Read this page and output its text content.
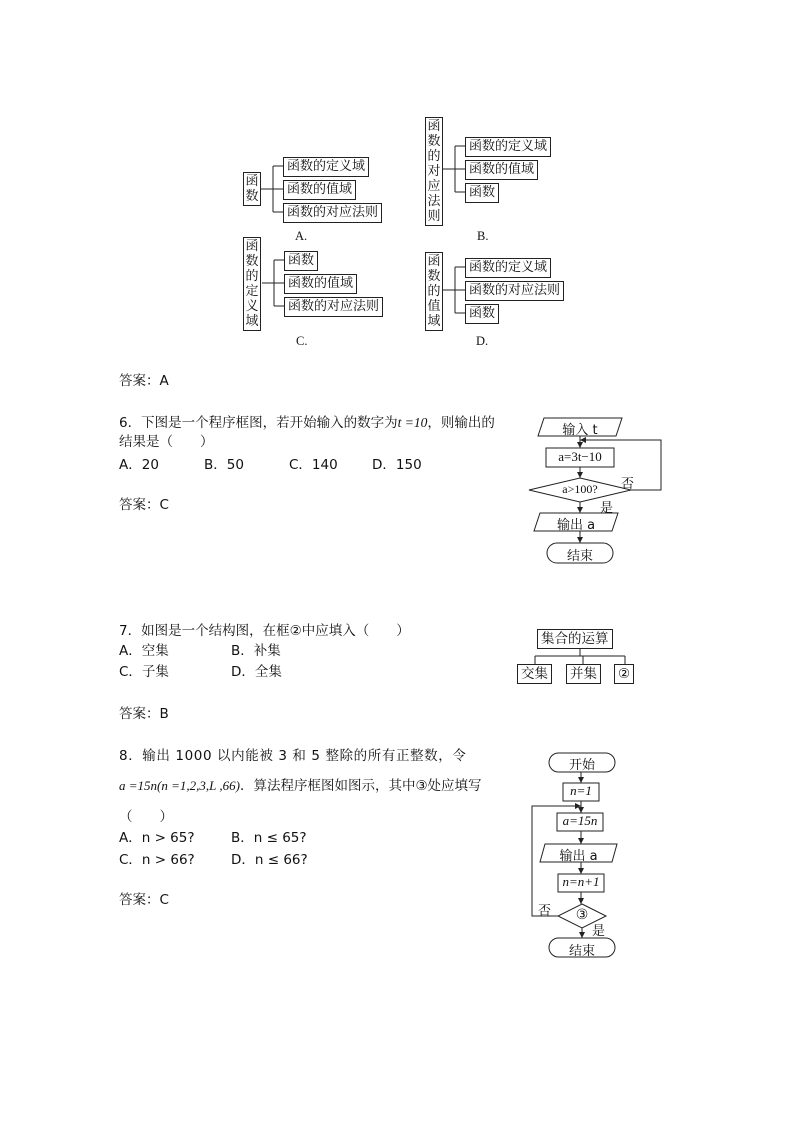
函
数
函数的定义域
函数的值域
函数的对应法则
A.
函
数
的
对
应
法
则
函数的定义域
函数的值域
函数
B.
函
数
的
定
义
域
函数
函数的值域
函数的对应法则
C.
函
数
的
值
域
函数的定义域
函数的对应法则
函数
D.
答案：A
6．下图是一个程序框图，若开始输入的数字为t =10，则输出的
结果是（　　）
A．20	B．50	C．140	D．150
答案：C
输入 t
a=3t−10
a>100?	否
是
输出 a
结束
7．如图是一个结构图，在框②中应填入（　　）
A．空集	B．补集
C．子集	D．全集
答案：B
集合的运算
交集 并集 ②
8．输出 1000 以内能被 3 和 5 整除的所有正整数，令
a =15n(n =1,2,3,L ,66)．算法程序框图如图示，其中③处应填写
（　　）
A．n > 65?	B．n ≤ 65?
C．n > 66?	D．n ≤ 66?
答案：C
开始
n=1
a=15n
输出 a
n=n+1
③
否
是
结束
